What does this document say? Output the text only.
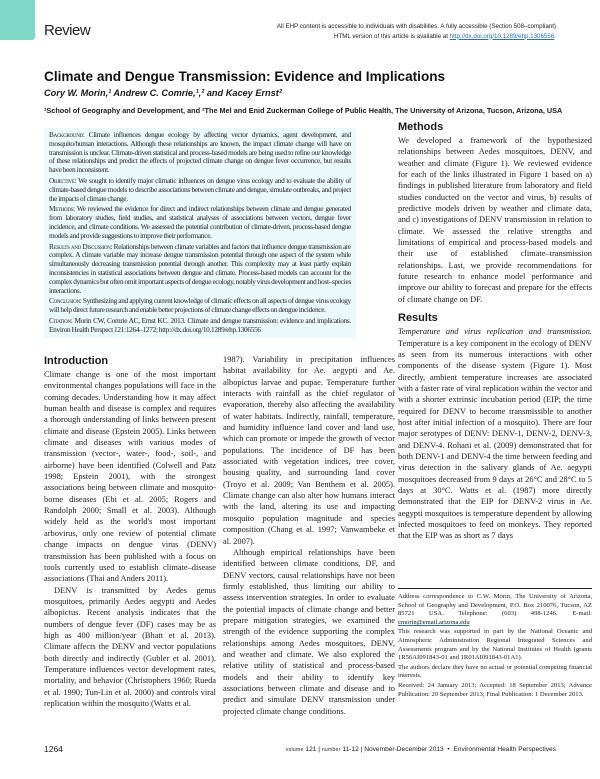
Review	All EHP content is accessible to individuals with disabilities. A fully accessible (Section 508–compliant)
HTML version of this article is available at http://dx.doi.org/10.1289/ehp.1306556.
Climate and Dengue Transmission: Evidence and Implications
Cory W. Morin,¹ Andrew C. Comrie,¹,² and Kacey Ernst²
¹School of Geography and Development, and ²The Mel and Enid Zuckerman College of Public Health, The University of Arizona, Tucson, Arizona, USA

Background: Climate influences dengue ecology by affecting vector dynamics, agent development, and mosquito/human interactions. Although these relationships are known, the impact climate change will have on transmission is unclear. Climate-driven statistical and process-based models are being used to refine our knowledge of these relationships and predict the effects of projected climate change on dengue fever occurrence, but results have been inconsistent.

Objective: We sought to identify major climatic influences on dengue virus ecology and to evaluate the ability of climate-based dengue models to describe associations between climate and dengue, simulate outbreaks, and project the impacts of climate change.

Methods: We reviewed the evidence for direct and indirect relationships between climate and dengue generated from laboratory studies, field studies, and statistical analyses of associations between vectors, dengue fever incidence, and climate conditions. We assessed the potential contribution of climate-driven, process-based dengue models and provide suggestions to improve their performance.

Results and Discussion: Relationships between climate variables and factors that influence dengue transmission are complex. A climate variable may increase dengue transmission potential through one aspect of the system while simultaneously decreasing transmission potential through another. This complexity may at least partly explain inconsistencies in statistical associations between dengue and climate. Process-based models can account for the complex dynamics but often omit important aspects of dengue ecology, notably virus development and host–species interactions.

Conclusion: Synthesizing and applying current knowledge of climatic effects on all aspects of dengue virus ecology will help direct future research and enable better projections of climate change effects on dengue incidence.

Citation: Morin CW, Comrie AC, Ernst KC. 2013. Climate and dengue transmission: evidence and implications. Environ Health Perspect 121:1264–1272; http://dx.doi.org/10.1289/ehp.1306556

Introduction

Climate change is one of the most important environmental changes populations will face in the coming decades. Understanding how it may affect human health and disease is complex and requires a thorough understanding of links between present climate and disease (Epstein 2005). Links between climate and diseases with various modes of transmission (vector-, water-, food-, soil-, and airborne) have been identified (Colwell and Patz 1998; Epstein 2001), with the strongest associations being between climate and mosquito-borne diseases (Ebi et al. 2005; Rogers and Randolph 2000; Small et al. 2003). Although widely held as the world's most important arbovirus, only one review of potential climate change impacts on dengue virus (DENV) transmission has been published with a focus on tools currently used to establish climate–disease associations (Thai and Anders 2011).

DENV is transmitted by Aedes genus mosquitoes, primarily Aedes aegypti and Aedes albopictus. Recent analysis indicates that the numbers of dengue fever (DF) cases may be as high as 400 million/year (Bhatt et al. 2013). Climate affects the DENV and vector populations both directly and indirectly (Gubler et al. 2001). Temperature influences vector development rates, mortality, and behavior (Christophers 1960; Rueda et al. 1990; Tun-Lin et al. 2000) and controls viral replication within the mosquito (Watts et al.

1987). Variability in precipitation influences habitat availability for Ae. aegypti and Ae. albopictus larvae and pupae. Temperature further interacts with rainfall as the chief regulator of evaporation, thereby also affecting the availability of water habitats. Indirectly, rainfall, temperature, and humidity influence land cover and land use, which can promote or impede the growth of vector populations. The incidence of DF has been associated with vegetation indices, tree cover, housing quality, and surrounding land cover (Troyo et al. 2009; Van Benthem et al. 2005). Climate change can also alter how humans interact with the land, altering its use and impacting mosquito population magnitude and species composition (Chang et al. 1997; Vanwambeke et al. 2007).

Although empirical relationships have been identified between climate conditions, DF, and DENV vectors, causal relationships have not been firmly established, thus limiting our ability to assess intervention strategies. In order to evaluate the potential impacts of climate change and better prepare mitigation strategies, we examined the strength of the evidence supporting the complex relationships among Aedes mosquitoes, DENV, and weather and climate. We also explored the relative utility of statistical and process-based models and their ability to identify key associations between climate and disease and to predict and simulate DENV transmission under projected climate change conditions.

Methods

We developed a framework of the hypothesized relationships between Aedes mosquitoes, DENV, and weather and climate (Figure 1). We reviewed evidence for each of the links illustrated in Figure 1 based on a) findings in published literature from laboratory and field studies conducted on the vector and virus, b) results of predictive models driven by weather and climate data, and c) investigations of DENV transmission in relation to climate. We assessed the relative strengths and limitations of empirical and process-based models and their use of established climate–transmission relationships. Last, we provide recommendations for future research to enhance model performance and improve our ability to forecast and prepare for the effects of climate change on DF.

Results

Temperature and virus replication and transmission. Temperature is a key component in the ecology of DENV as seen from its numerous interactions with other components of the disease system (Figure 1). Most directly, ambient temperature increases are associated with a faster rate of viral replication within the vector and with a shorter extrinsic incubation period (EIP; the time required for DENV to become transmissible to another host after initial infection of a mosquito). There are four major serotypes of DENV: DENV-1, DENV-2, DENV-3, and DENV-4. Rohani et al. (2009) demonstrated that for both DENV-1 and DENV-4 the time between feeding and virus detection in the salivary glands of Ae. aegypti mosquitoes decreased from 9 days at 26°C and 28°C to 5 days at 30°C. Watts et al. (1987) more directly demonstrated that the EIP for DENV-2 virus in Ae. aegypti mosquitoes is temperature dependent by allowing infected mosquitoes to feed on monkeys. They reported that the EIP was as short as 7 days

Address correspondence to C.W. Morin, The University of Arizona, School of Geography and Development, P.O. Box 210076, Tucson, AZ 85721 USA. Telephone: (603) 498-1246. E-mail: cmorin@email.arizona.edu

This research was supported in part by the National Oceanic and Atmospheric Administration Regional Integrated Sciences and Assessments program and by the National Institutes of Health (grants 1R56AI091843-01 and 1R01AI091843-01A1).

The authors declare they have no actual or potential competing financial interests.

Received: 24 January 2013; Accepted: 18 September 2013; Advance Publication: 20 September 2013; Final Publication: 1 December 2013.

1264	volume 121 | number 11-12 | November-December 2013 • Environmental Health Perspectives
